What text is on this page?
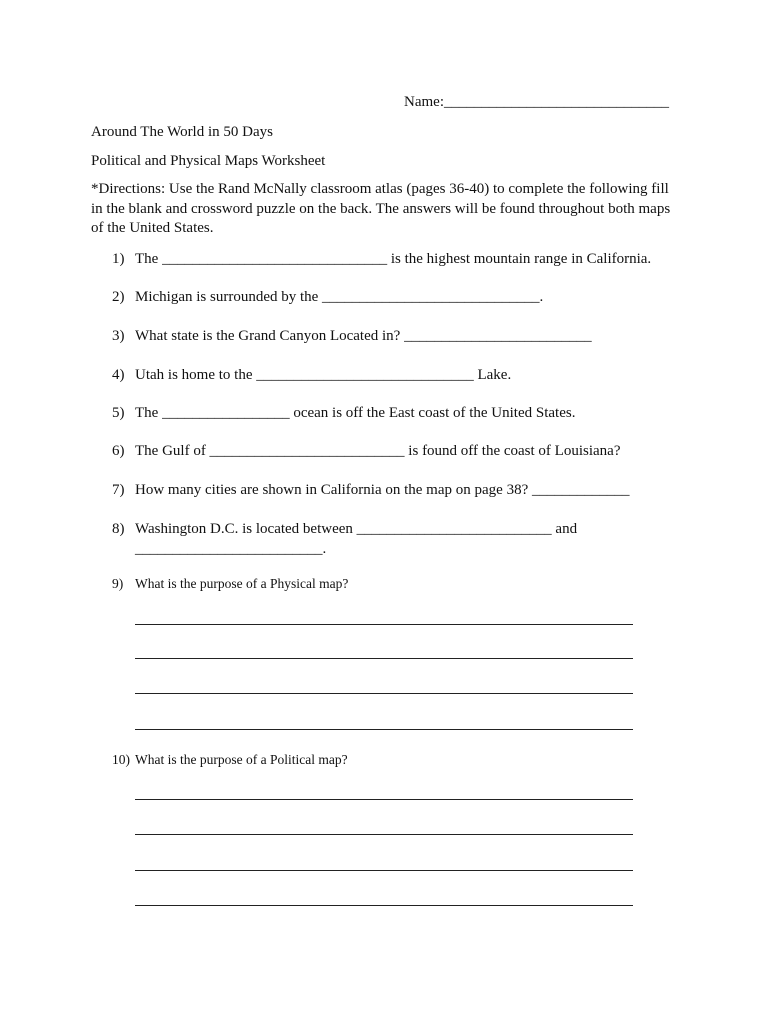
Name:______________________________
Around The World in 50 Days
Political and Physical Maps Worksheet
*Directions: Use the Rand McNally classroom atlas (pages 36-40) to complete the following fill in the blank and crossword puzzle on the back. The answers will be found throughout both maps of the United States.
1) The ______________________________ is the highest mountain range in California.
2) Michigan is surrounded by the _____________________________.
3) What state is the Grand Canyon Located in? _________________________
4) Utah is home to the _____________________________ Lake.
5) The _________________ ocean is off the East coast of the United States.
6) The Gulf of __________________________ is found off the coast of Louisiana?
7) How many cities are shown in California on the map on page 38? _____________
8) Washington D.C. is located between __________________________ and
_________________________.
9) What is the purpose of a Physical map?
10) What is the purpose of a Political map?
